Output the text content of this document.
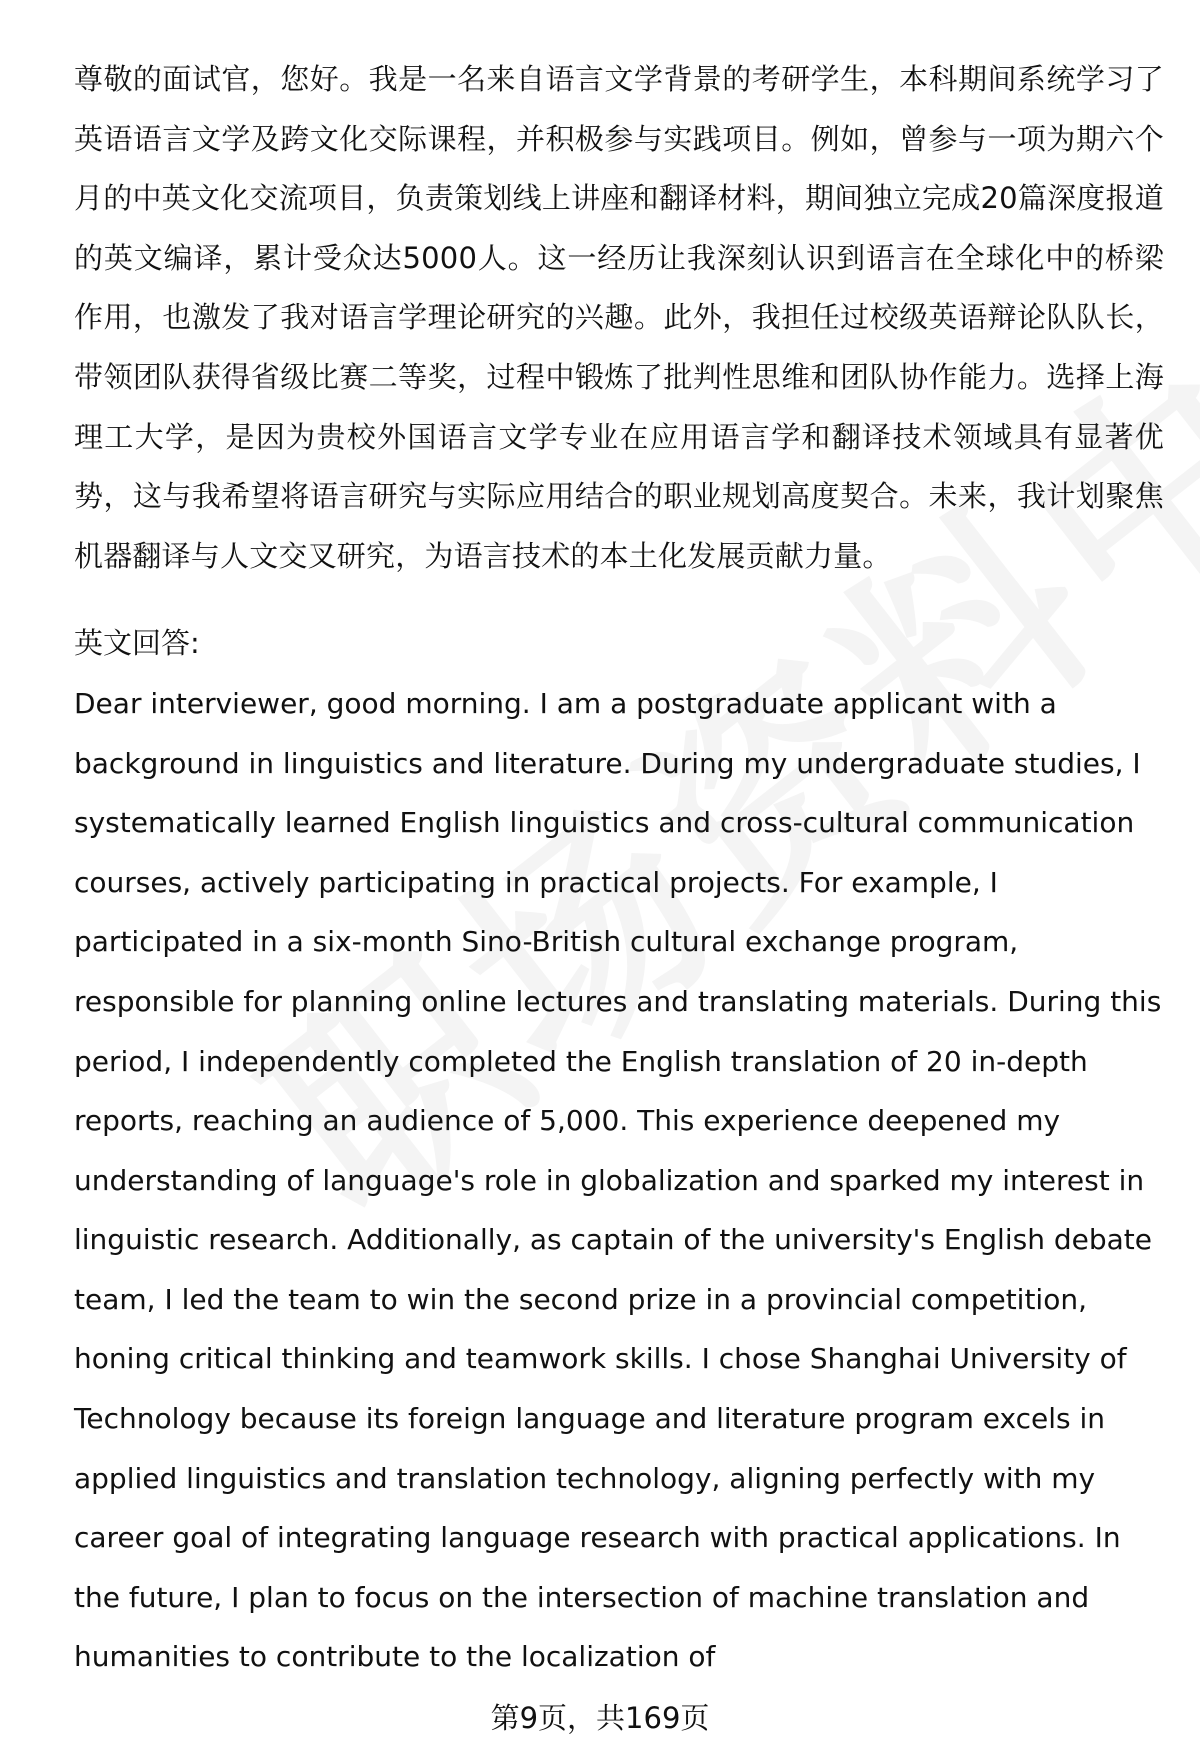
尊敬的面试官，您好。我是一名来自语言文学背景的考研学生，本科期间系统学习了英语语言文学及跨文化交际课程，并积极参与实践项目。例如，曾参与一项为期六个月的中英文化交流项目，负责策划线上讲座和翻译材料，期间独立完成20篇深度报道的英文编译，累计受众达5000人。这一经历让我深刻认识到语言在全球化中的桥梁作用，也激发了我对语言学理论研究的兴趣。此外，我担任过校级英语辩论队队长，带领团队获得省级比赛二等奖，过程中锻炼了批判性思维和团队协作能力。选择上海理工大学，是因为贵校外国语言文学专业在应用语言学和翻译技术领域具有显著优势，这与我希望将语言研究与实际应用结合的职业规划高度契合。未来，我计划聚焦机器翻译与人文交叉研究，为语言技术的本土化发展贡献力量。

英文回答:

Dear interviewer, good morning. I am a postgraduate applicant with a background in linguistics and literature. During my undergraduate studies, I systematically learned English linguistics and cross-cultural communication courses, actively participating in practical projects. For example, I participated in a six-month Sino-British cultural exchange program, responsible for planning online lectures and translating materials. During this period, I independently completed the English translation of 20 in-depth reports, reaching an audience of 5,000. This experience deepened my understanding of language's role in globalization and sparked my interest in linguistic research. Additionally, as captain of the university's English debate team, I led the team to win the second prize in a provincial competition, honing critical thinking and teamwork skills. I chose Shanghai University of Technology because its foreign language and literature program excels in applied linguistics and translation technology, aligning perfectly with my career goal of integrating language research with practical applications. In the future, I plan to focus on the intersection of machine translation and humanities to contribute to the localization of

第9页，共169页
